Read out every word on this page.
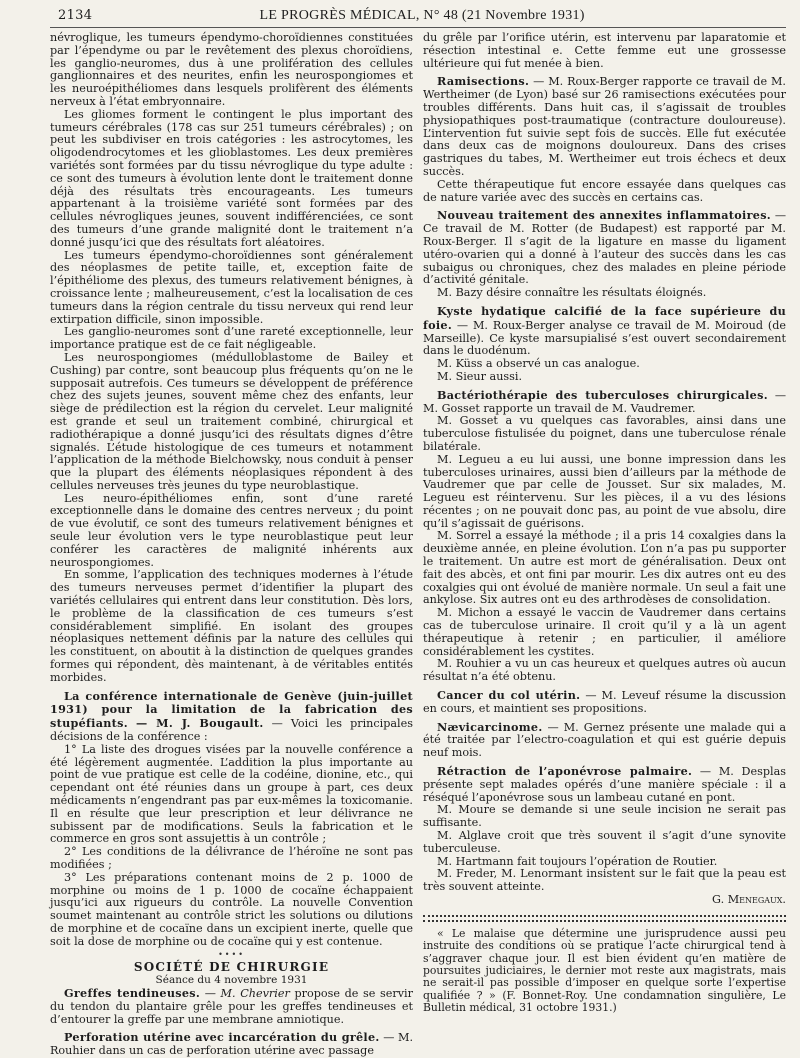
2134	LE PROGRÈS MÉDICAL, N° 48 (21 Novembre 1931)

névroglique, les tumeurs épendymo-choroïdiennes constituées par l’épendyme ou par le revêtement des plexus choroïdiens, les ganglio-neuromes, dus à une prolifération des cellules ganglionnaires et des neurites, enfin les neurospongiomes et les neuroépithéliomes dans lesquels prolifèrent des éléments nerveux à l’état embryonnaire.

Les gliomes forment le contingent le plus important des tumeurs cérébrales (178 cas sur 251 tumeurs cérébrales) ; on peut les subdiviser en trois catégories : les astrocytomes, les oligodendrocytomes et les glioblastomes. Les deux premières variétés sont formées par du tissu névroglique du type adulte : ce sont des tumeurs à évolution lente dont le traitement donne déjà des résultats très encourageants. Les tumeurs appartenant à la troisième variété sont formées par des cellules névrogliques jeunes, souvent indifférenciées, ce sont des tumeurs d’une grande malignité dont le traitement n’a donné jusqu’ici que des résultats fort aléatoires.

Les tumeurs épendymo-choroïdiennes sont généralement des néoplasmes de petite taille, et, exception faite de l’épithéliome des plexus, des tumeurs relativement bénignes, à croissance lente ; malheureusement, c’est la localisation de ces tumeurs dans la région centrale du tissu nerveux qui rend leur extirpation difficile, sinon impossible.

Les ganglio-neuromes sont d’une rareté exceptionnelle, leur importance pratique est de ce fait négligeable.

Les neurospongiomes (médulloblastome de Bailey et Cushing) par contre, sont beaucoup plus fréquents qu’on ne le supposait autrefois. Ces tumeurs se développent de préférence chez des sujets jeunes, souvent même chez des enfants, leur siège de prédilection est la région du cervelet. Leur malignité est grande et seul un traitement combiné, chirurgical et radiothérapique a donné jusqu’ici des résultats dignes d’être signalés. L’étude histologique de ces tumeurs et notamment l’application de la méthode Bielchowsky, nous conduit à penser que la plupart des éléments néoplasiques répondent à des cellules nerveuses très jeunes du type neuroblastique.

Les neuro-épithéliomes enfin, sont d’une rareté exceptionnelle dans le domaine des centres nerveux ; du point de vue évolutif, ce sont des tumeurs relativement bénignes et seule leur évolution vers le type neuroblastique peut leur conférer les caractères de malignité inhérents aux neurospongiomes.

En somme, l’application des techniques modernes à l’étude des tumeurs nerveuses permet d’identifier la plupart des variétés cellulaires qui entrent dans leur constitution. Dès lors, le problème de la classification de ces tumeurs s’est considérablement simplifié. En isolant des groupes néoplasiques nettement définis par la nature des cellules qui les constituent, on aboutit à la distinction de quelques grandes formes qui répondent, dès maintenant, à de véritables entités morbides.

La conférence internationale de Genève (juin-juillet 1931) pour la limitation de la fabrication des stupéfiants. — M. J. Bougault. — Voici les principales décisions de la conférence :

1° La liste des drogues visées par la nouvelle conférence a été légèrement augmentée. L’addition la plus importante au point de vue pratique est celle de la codéine, dionine, etc., qui cependant ont été réunies dans un groupe à part, ces deux médicaments n’engendrant pas par eux-mêmes la toxicomanie. Il en résulte que leur prescription et leur délivrance ne subissent par de modifications. Seuls la fabrication et le commerce en gros sont assujettis à un contrôle ;

2° Les conditions de la délivrance de l’héroïne ne sont pas modifiées ;

3° Les préparations contenant moins de 2 p. 1000 de morphine ou moins de 1 p. 1000 de cocaïne échappaient jusqu’ici aux rigueurs du contrôle. La nouvelle Convention soumet maintenant au contrôle strict les solutions ou dilutions de morphine et de cocaïne dans un excipient inerte, quelle que soit la dose de morphine ou de cocaïne qui y est contenue.

••••

SOCIÉTÉ DE CHIRURGIE

Séance du 4 novembre 1931

Greffes tendineuses. — M. Chevrier propose de se servir du tendon du plantaire grêle pour les greffes tendineuses et d’entourer la greffe par une membrane amniotique.

Perforation utérine avec incarcération du grêle. — M. Rouhier dans un cas de perforation utérine avec passage

du grêle par l’orifice utérin, est intervenu par laparatomie et résection intestinal e. Cette femme eut une grossesse ultérieure qui fut menée à bien.

Ramisections. — M. Roux-Berger rapporte ce travail de M. Wertheimer (de Lyon) basé sur 26 ramisections exécutées pour troubles différents. Dans huit cas, il s’agissait de troubles physiopathiques post-traumatique (contracture douloureuse). L’intervention fut suivie sept fois de succès. Elle fut exécutée dans deux cas de moignons douloureux. Dans des crises gastriques du tabes, M. Wertheimer eut trois échecs et deux succès.

Cette thérapeutique fut encore essayée dans quelques cas de nature variée avec des succès en certains cas.

Nouveau traitement des annexites inflammatoires. — Ce travail de M. Rotter (de Budapest) est rapporté par M. Roux-Berger. Il s’agit de la ligature en masse du ligament utéro-ovarien qui a donné à l’auteur des succès dans les cas subaigus ou chroniques, chez des malades en pleine période d’activité génitale.

M. Bazy désire connaître les résultats éloignés.

Kyste hydatique calcifié de la face supérieure du foie. — M. Roux-Berger analyse ce travail de M. Moiroud (de Marseille). Ce kyste marsupialisé s’est ouvert secondairement dans le duodénum.

M. Küss a observé un cas analogue.

M. Sieur aussi.

Bactériothérapie des tuberculoses chirurgicales. — M. Gosset rapporte un travail de M. Vaudremer.

M. Gosset a vu quelques cas favorables, ainsi dans une tuberculose fistulisée du poignet, dans une tuberculose rénale bilatérale.

M. Legueu a eu lui aussi, une bonne impression dans les tuberculoses urinaires, aussi bien d’ailleurs par la méthode de Vaudremer que par celle de Jousset. Sur six malades, M. Legueu est réintervenu. Sur les pièces, il a vu des lésions récentes ; on ne pouvait donc pas, au point de vue absolu, dire qu’il s’agissait de guérisons.

M. Sorrel a essayé la méthode ; il a pris 14 coxalgies dans la deuxième année, en pleine évolution. L’on n’a pas pu supporter le traitement. Un autre est mort de généralisation. Deux ont fait des abcès, et ont fini par mourir. Les dix autres ont eu des coxalgies qui ont évolué de manière normale. Un seul a fait une ankylose. Six autres ont eu des arthrodèses de consolidation.

M. Michon a essayé le vaccin de Vaudremer dans certains cas de tuberculose urinaire. Il croit qu’il y a là un agent thérapeutique à retenir ; en particulier, il améliore considérablement les cystites.

M. Rouhier a vu un cas heureux et quelques autres où aucun résultat n’a été obtenu.

Cancer du col utérin. — M. Leveuf résume la discussion en cours, et maintient ses propositions.

Nævicarcinome. — M. Gernez présente une malade qui a été traitée par l’electro-coagulation et qui est guérie depuis neuf mois.

Rétraction de l’aponévrose palmaire. — M. Desplas présente sept malades opérés d’une manière spéciale : il a réséqué l’aponévrose sous un lambeau cutané en pont.

M. Moure se demande si une seule incision ne serait pas suffisante.

M. Alglave croit que très souvent il s’agit d’une synovite tuberculeuse.

M. Hartmann fait toujours l’opération de Routier.

M. Freder, M. Lenormant insistent sur le fait que la peau est très souvent atteinte.

G. Menegaux.

« Le malaise que détermine une jurisprudence aussi peu instruite des conditions où se pratique l’acte chirurgical tend à s’aggraver chaque jour. Il est bien évident qu’en matière de poursuites judiciaires, le dernier mot reste aux magistrats, mais ne serait-il pas possible d’imposer en quelque sorte l’expertise qualifiée ? » (F. Bonnet-Roy. Une condamnation singulière, Le Bulletin médical, 31 octobre 1931.)
